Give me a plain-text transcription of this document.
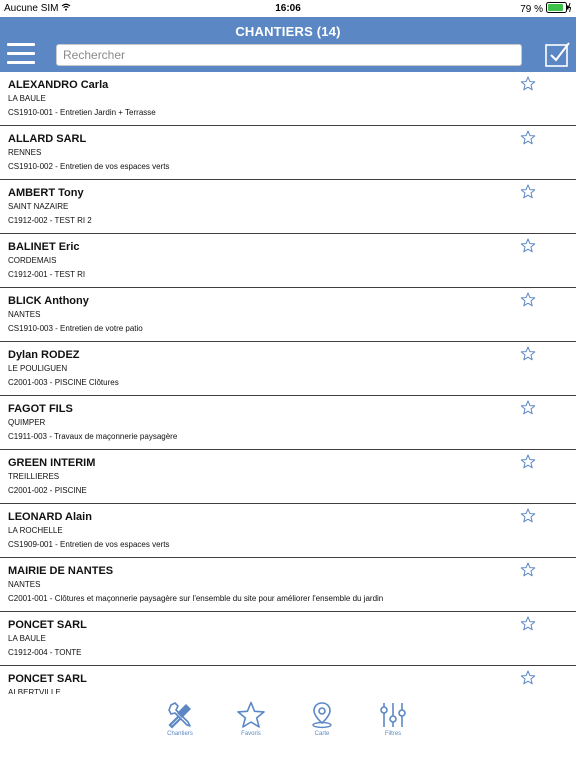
Aucune SIM	16:06	79 %
CHANTIERS (14)
Rechercher
ALEXANDRO Carla
LA BAULE
CS1910-001 - Entretien Jardin + Terrasse
ALLARD SARL
RENNES
CS1910-002 - Entretien de vos espaces verts
AMBERT Tony
SAINT NAZAIRE
C1912-002 - TEST RI 2
BALINET Eric
CORDEMAIS
C1912-001 - TEST RI
BLICK Anthony
NANTES
CS1910-003 - Entretien de votre patio
Dylan RODEZ
LE POULIGUEN
C2001-003 - PISCINE Clôtures
FAGOT FILS
QUIMPER
C1911-003 - Travaux de maçonnerie paysagère
GREEN INTERIM
TREILLIERES
C2001-002 - PISCINE
LEONARD Alain
LA ROCHELLE
CS1909-001 - Entretien de vos espaces verts
MAIRIE DE NANTES
NANTES
C2001-001 - Clôtures et maçonnerie paysagère sur l'ensemble du site pour améliorer l'ensemble du jardin
PONCET SARL
LA BAULE
C1912-004 - TONTE
PONCET SARL
ALBERTVILLE
Chantiers	Favoris	Carte	Filtres
